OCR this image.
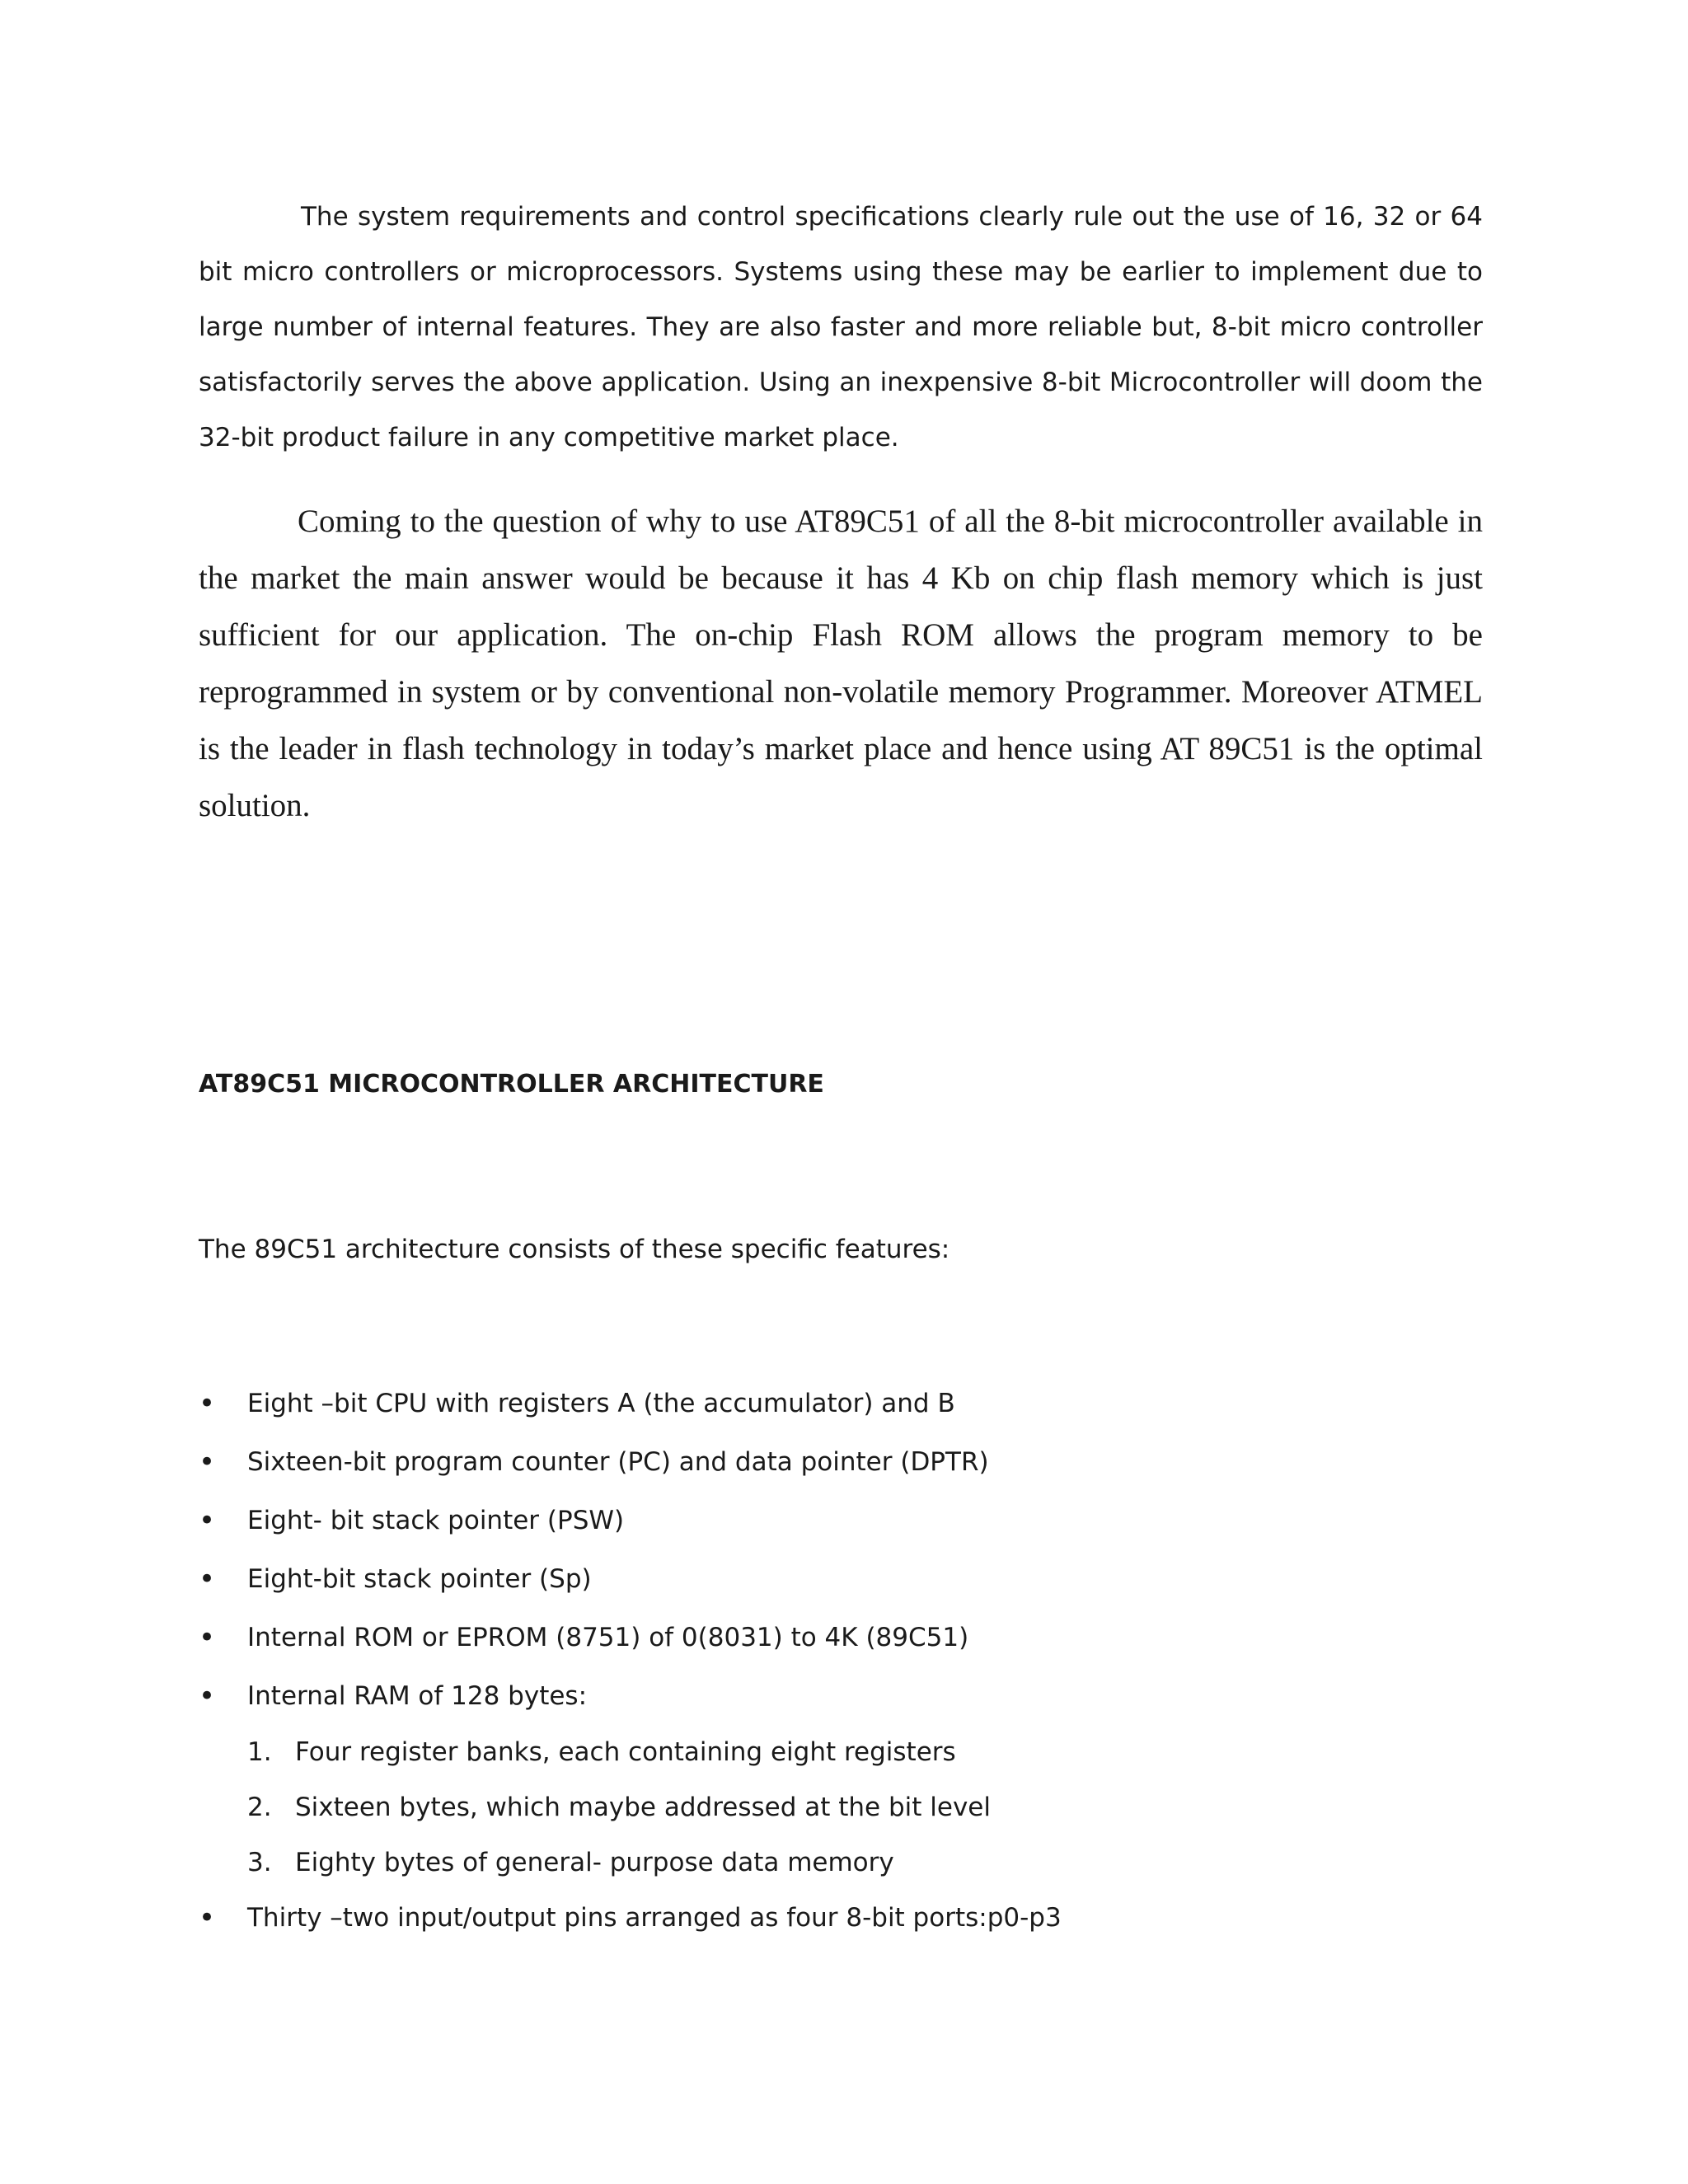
The system requirements and control specifications clearly rule out the use of 16, 32 or 64 bit micro controllers or microprocessors. Systems using these may be earlier to implement due to large number of internal features. They are also faster and more reliable but, 8-bit micro controller satisfactorily serves the above application. Using an inexpensive 8-bit Microcontroller will doom the 32-bit product failure in any competitive market place.

Coming to the question of why to use AT89C51 of all the 8-bit microcontroller available in the market the main answer would be because it has 4 Kb on chip flash memory which is just sufficient for our application. The on-chip Flash ROM allows the program memory to be reprogrammed in system or by conventional non-volatile memory Programmer. Moreover ATMEL is the leader in flash technology in today’s market place and hence using AT 89C51 is the optimal solution.

AT89C51 MICROCONTROLLER ARCHITECTURE

The 89C51 architecture consists of these specific features:

• Eight –bit CPU with registers A (the accumulator) and B
• Sixteen-bit program counter (PC) and data pointer (DPTR)
• Eight- bit stack pointer (PSW)
• Eight-bit stack pointer (Sp)
• Internal ROM or EPROM (8751) of 0(8031) to 4K (89C51)
• Internal RAM of 128 bytes:
1. Four register banks, each containing eight registers
2. Sixteen bytes, which maybe addressed at the bit level
3. Eighty bytes of general- purpose data memory
• Thirty –two input/output pins arranged as four 8-bit ports:p0-p3
